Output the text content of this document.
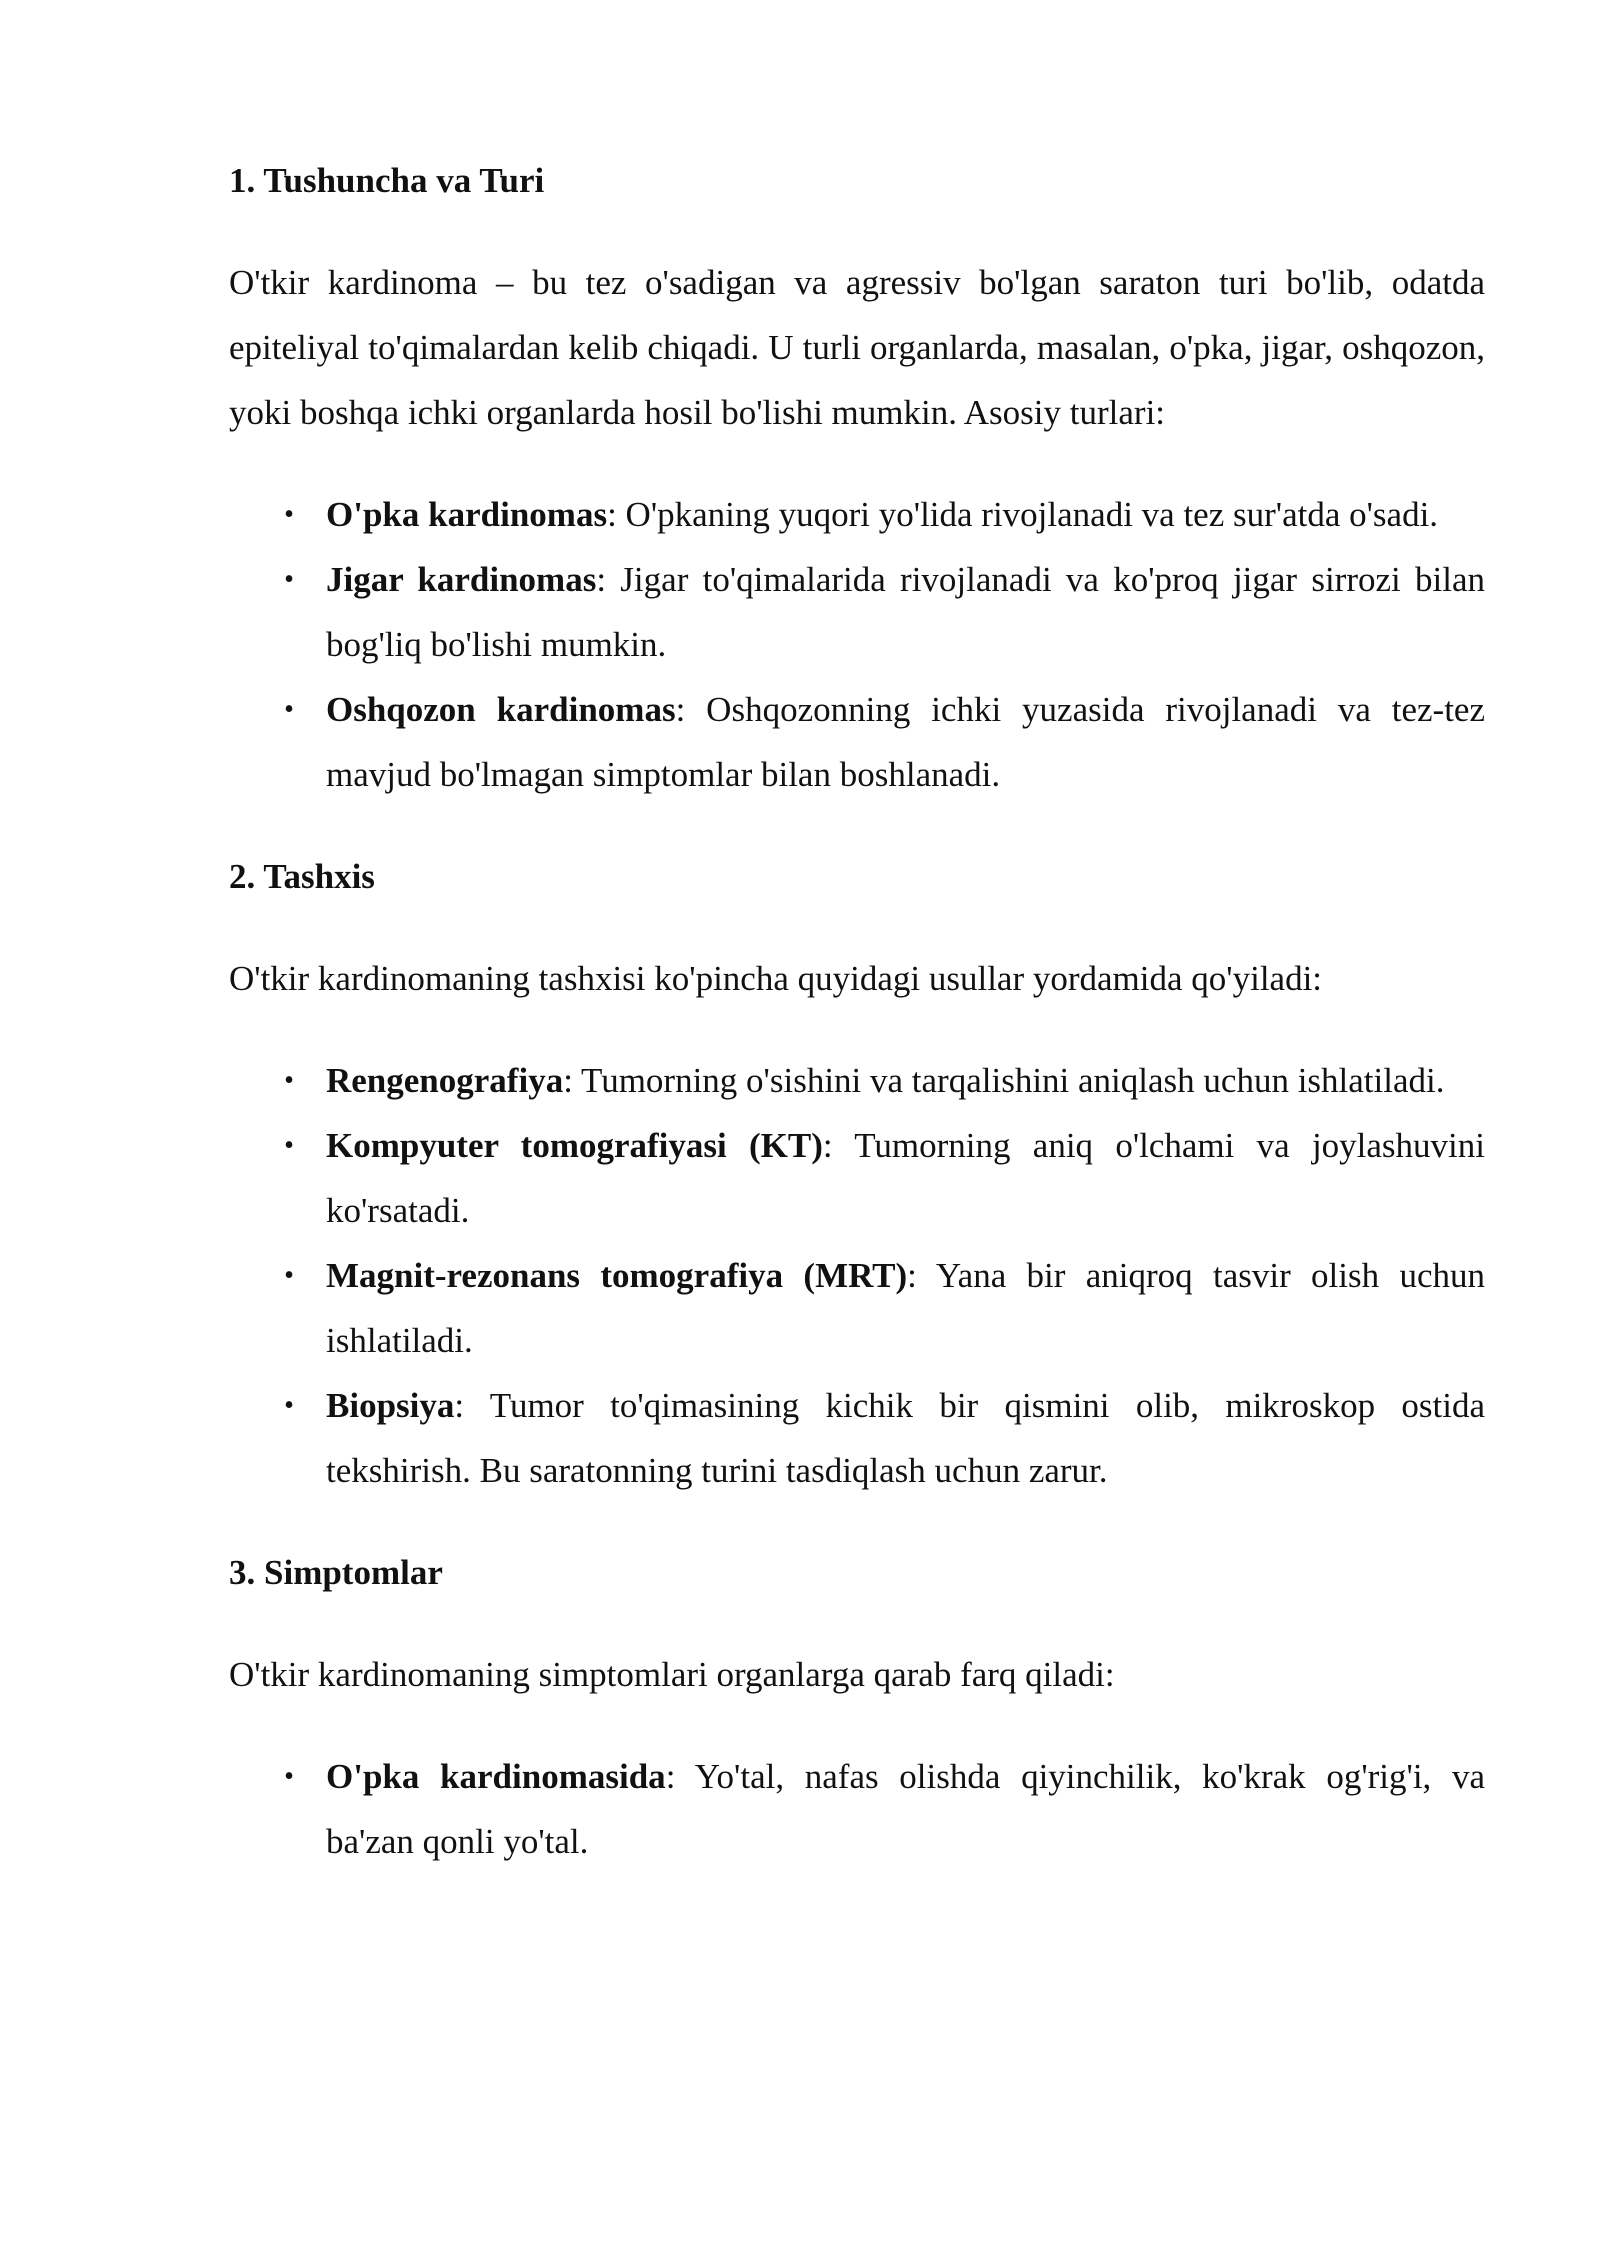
1. Tushuncha va Turi

O'tkir kardinoma – bu tez o'sadigan va agressiv bo'lgan saraton turi bo'lib, odatda epiteliyal to'qimalardan kelib chiqadi. U turli organlarda, masalan, o'pka, jigar, oshqozon, yoki boshqa ichki organlarda hosil bo'lishi mumkin. Asosiy turlari:

• O'pka kardinomas: O'pkaning yuqori yo'lida rivojlanadi va tez sur'atda o'sadi.
• Jigar kardinomas: Jigar to'qimalarida rivojlanadi va ko'proq jigar sirrozi bilan bog'liq bo'lishi mumkin.
• Oshqozon kardinomas: Oshqozonning ichki yuzasida rivojlanadi va tez-tez mavjud bo'lmagan simptomlar bilan boshlanadi.

2. Tashxis

O'tkir kardinomaning tashxisi ko'pincha quyidagi usullar yordamida qo'yiladi:

• Rengenografiya: Tumorning o'sishini va tarqalishini aniqlash uchun ishlatiladi.
• Kompyuter tomografiyasi (KT): Tumorning aniq o'lchami va joylashuvini ko'rsatadi.
• Magnit-rezonans tomografiya (MRT): Yana bir aniqroq tasvir olish uchun ishlatiladi.
• Biopsiya: Tumor to'qimasining kichik bir qismini olib, mikroskop ostida tekshirish. Bu saratonning turini tasdiqlash uchun zarur.

3. Simptomlar

O'tkir kardinomaning simptomlari organlarga qarab farq qiladi:

• O'pka kardinomasida: Yo'tal, nafas olishda qiyinchilik, ko'krak og'rig'i, va ba'zan qonli yo'tal.
